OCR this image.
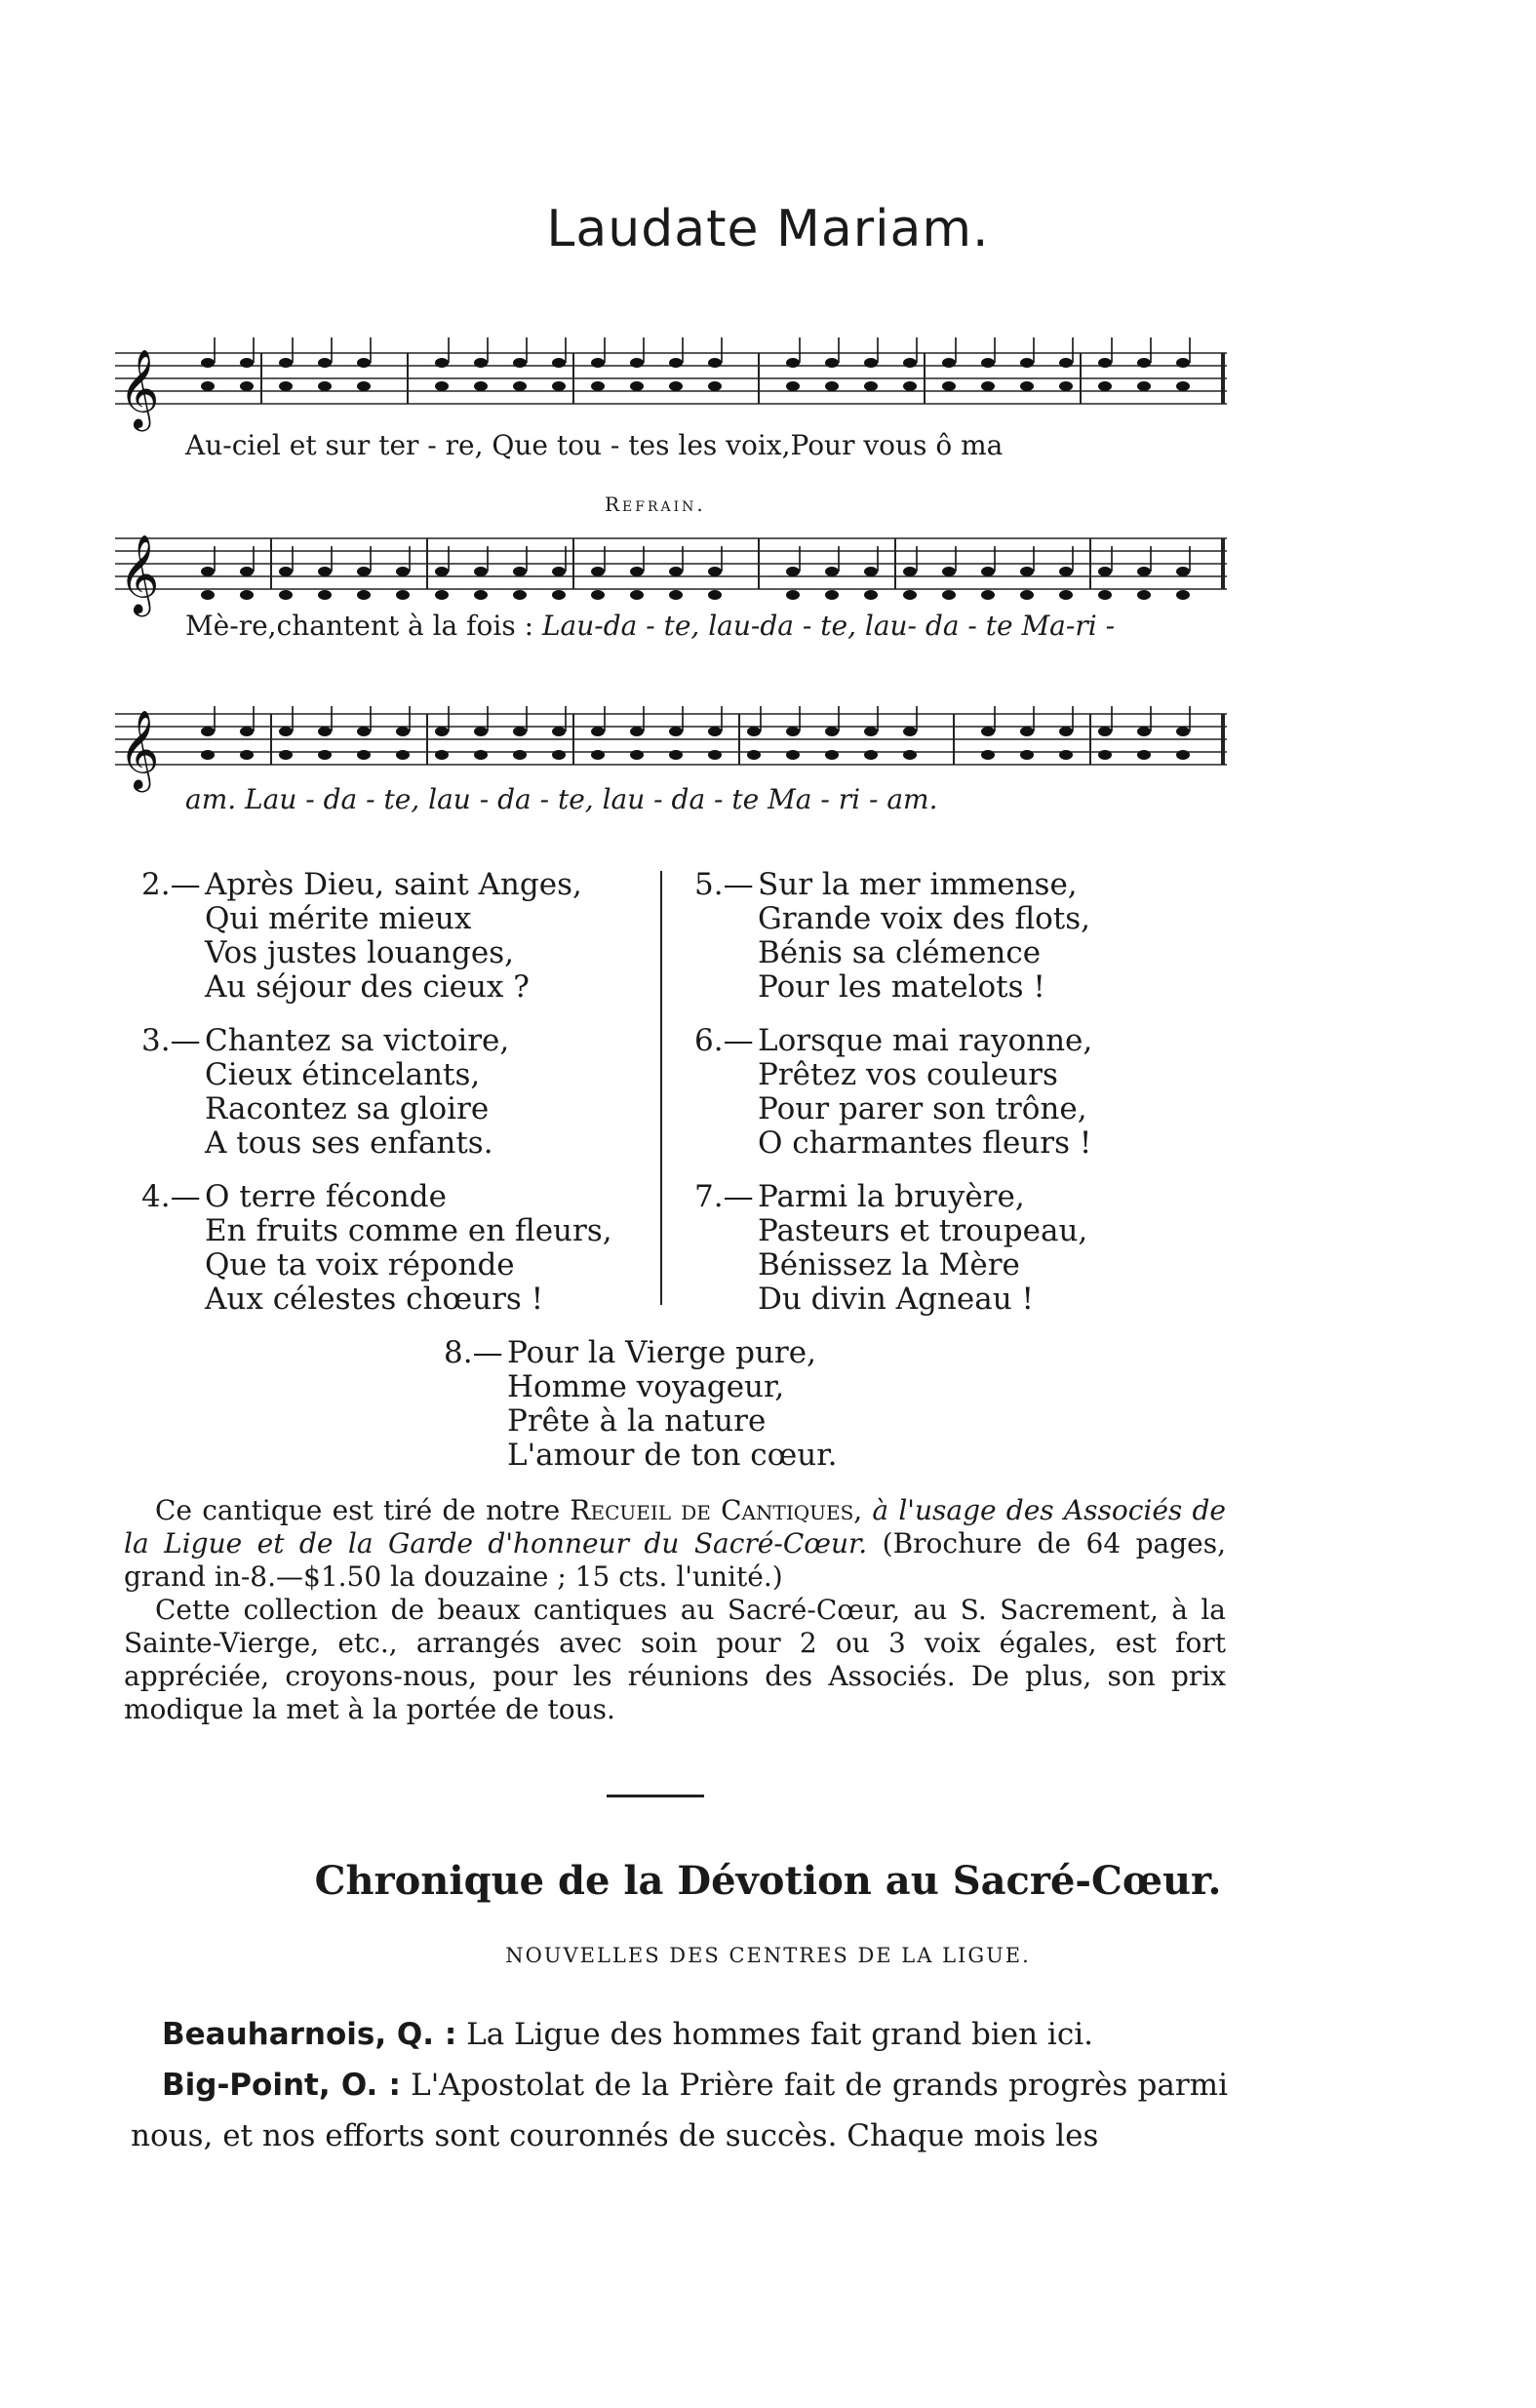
Laudate Mariam.
𝄞
Au-ciel et sur ter - re, Que tou - tes les voix,Pour vous ô ma
Refrain.
𝄞
Mè-re,chantent à la fois : Lau-da - te, lau-da - te, lau- da - te Ma-ri -
𝄞
am. Lau - da - te, lau - da - te, lau - da - te Ma - ri - am.
2.— Après Dieu, saint Anges,
Qui mérite mieux
Vos justes louanges,
Au séjour des cieux ?
3.— Chantez sa victoire,
Cieux étincelants,
Racontez sa gloire
A tous ses enfants.
4.— O terre féconde
En fruits comme en fleurs,
Que ta voix réponde
Aux célestes chœurs !
5.— Sur la mer immense,
Grande voix des flots,
Bénis sa clémence
Pour les matelots !
6.— Lorsque mai rayonne,
Prêtez vos couleurs
Pour parer son trône,
O charmantes fleurs !
7.— Parmi la bruyère,
Pasteurs et troupeau,
Bénissez la Mère
Du divin Agneau !
8.— Pour la Vierge pure,
Homme voyageur,
Prête à la nature
L'amour de ton cœur.

Ce cantique est tiré de notre Recueil de Cantiques, à l'usage des Associés de la Ligue et de la Garde d'honneur du Sacré-Cœur. (Brochure de 64 pages, grand in-8.—$1.50 la douzaine ; 15 cts. l'unité.)

Cette collection de beaux cantiques au Sacré-Cœur, au S. Sacrement, à la Sainte-Vierge, etc., arrangés avec soin pour 2 ou 3 voix égales, est fort appréciée, croyons-nous, pour les réunions des Associés. De plus, son prix modique la met à la portée de tous.

Chronique de la Dévotion au Sacré-Cœur.
NOUVELLES DES CENTRES DE LA LIGUE.

Beauharnois, Q. : La Ligue des hommes fait grand bien ici.

Big-Point, O. : L'Apostolat de la Prière fait de grands progrès parmi nous, et nos efforts sont couronnés de succès. Chaque mois les
